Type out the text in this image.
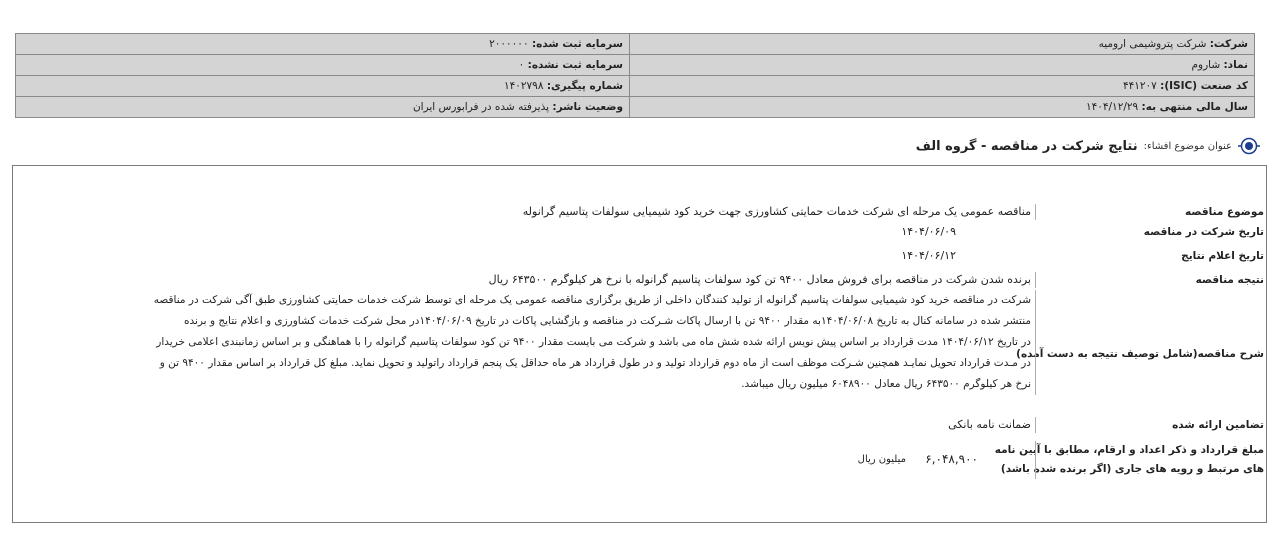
شرکت: شرکت پتروشیمی ارومیه	سرمایه ثبت شده: ۲۰۰۰۰۰۰
نماد: شاروم	سرمایه ثبت نشده: ۰
کد صنعت (ISIC): ۴۴۱۲۰۷	شماره پیگیری: ۱۴۰۲۷۹۸
سال مالی منتهی به: ۱۴۰۴/۱۲/۲۹	وضعیت ناشر: پذیرفته شده در فرابورس ایران
عنوان موضوع افشاء:
نتایج شرکت در مناقصه - گروه الف
موضوع مناقصه
مناقصه عمومی یک مرحله ای شرکت خدمات حمایتی کشاورزی جهت خرید کود شیمیایی سولفات پتاسیم گرانوله
تاریخ شرکت در مناقصه
۱۴۰۴/۰۶/۰۹
تاریخ اعلام نتایج
۱۴۰۴/۰۶/۱۲
نتیجه مناقصه
برنده شدن شرکت در مناقصه برای فروش معادل ۹۴۰۰ تن کود سولفات پتاسیم گرانوله با نرخ هر کیلوگرم ۶۴۳۵۰۰ ریال
شرح مناقصه(شامل توصیف نتیجه به دست آمده)
شرکت در مناقصه خرید کود شیمیایی سولفات پتاسیم گرانوله از تولید کنندگان داخلی از طریق برگزاری مناقصه عمومی یک مرحله ای توسط شرکت خدمات حمایتی کشاورزی طبق آگی شرکت در مناقصه
منتشر شده در سامانه کنال به تاریخ ۱۴۰۴/۰۶/۰۸به مقدار ۹۴۰۰ تن با ارسال پاکات شـرکت در مناقصه و بازگشایی پاکات در تاریخ ۱۴۰۴/۰۶/۰۹در محل شرکت خدمات کشاورزی و اعلام نتایج و برنده
در تاریخ ۱۴۰۴/۰۶/۱۲ مدت قرارداد بر اساس پیش نویس ارائه شده شش ماه می باشد و شرکت می بایست مقدار ۹۴۰۰ تن کود سولفات پتاسیم گرانوله را با هماهنگی و بر اساس زمانبندی اعلامی خریدار
در مـدت قرارداد تحویل نمایـد همچنین شـرکت موظف است از ماه دوم قرارداد تولید و در طول قرارداد هر ماه حداقل یک پنجم قرارداد راتولید و تحویل نماید. مبلغ کل قرارداد بر اساس مقدار ۹۴۰۰ تن و
نرخ هر کیلوگرم ۶۴۳۵۰۰ ریال معادل ۶۰۴۸۹۰۰ میلیون ریال میباشد.
تضامین ارائه شده
ضمانت نامه بانکی
مبلغ قرارداد و ذکر اعداد و ارقام، مطابق با آیین نامه
های مرتبط و رویه های جاری (اگر برنده شده باشد)
۶,۰۴۸,۹۰۰
میلیون ریال
